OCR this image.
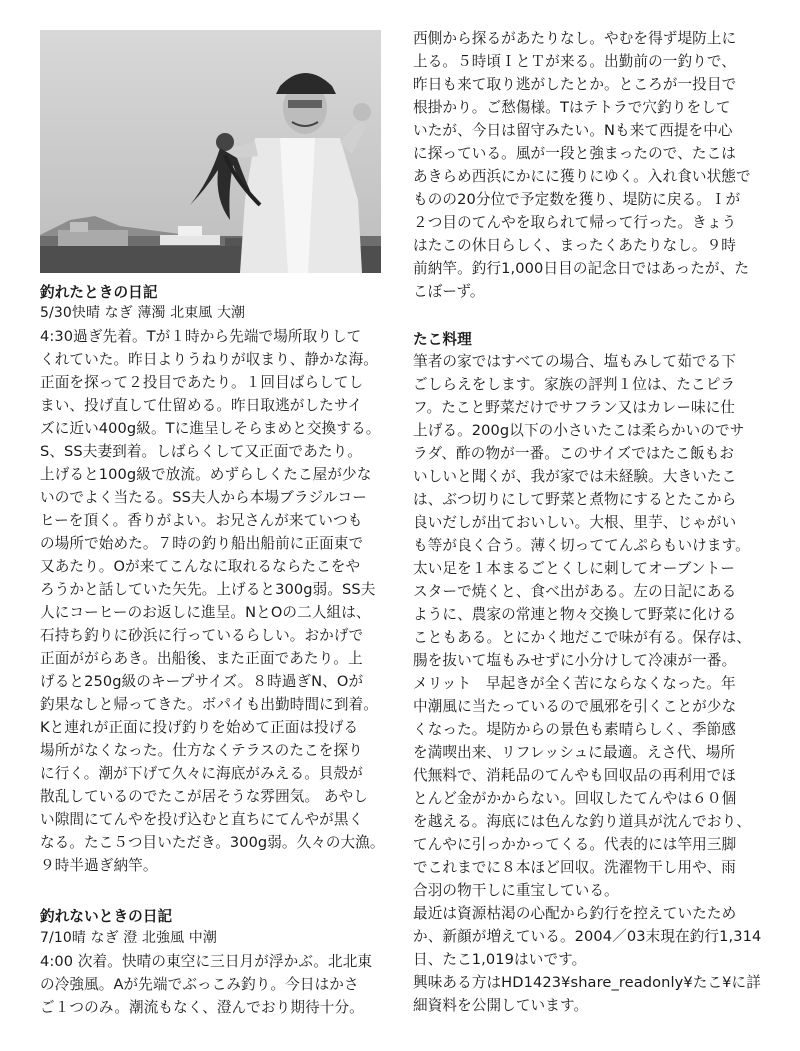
釣れたときの日記
5/30快晴 なぎ 薄濁 北東風 大潮
4:30過ぎ先着。Tが１時から先端で場所取りして
くれていた。昨日よりうねりが収まり、静かな海。
正面を探って２投目であたり。１回目ばらしてし
まい、投げ直して仕留める。昨日取逃がしたサイ
ズに近い400g級。Tに進呈しそらまめと交換する。
S、SS夫妻到着。しばらくして又正面であたり。
上げると100g級で放流。めずらしくたこ屋が少な
いのでよく当たる。SS夫人から本場ブラジルコー
ヒーを頂く。香りがよい。お兄さんが来ていつも
の場所で始めた。７時の釣り船出船前に正面東で
又あたり。Oが来てこんなに取れるならたこをや
ろうかと話していた矢先。上げると300g弱。SS夫
人にコーヒーのお返しに進呈。NとOの二人組は、
石持ち釣りに砂浜に行っているらしい。おかげで
正面ががらあき。出船後、また正面であたり。上
げると250g級のキープサイズ。８時過ぎN、Oが
釣果なしと帰ってきた。ボパイも出勤時間に到着。
Kと連れが正面に投げ釣りを始めて正面は投げる
場所がなくなった。仕方なくテラスのたこを探り
に行く。潮が下げて久々に海底がみえる。貝殻が
散乱しているのでたこが居そうな雰囲気。 あやし
い隙間にてんやを投げ込むと直ちにてんやが黒く
なる。たこ５つ目いただき。300g弱。久々の大漁。
９時半過ぎ納竿。
釣れないときの日記
7/10晴 なぎ 澄 北強風 中潮
4:00 次着。快晴の東空に三日月が浮かぶ。北北東
の冷強風。Aが先端でぶっこみ釣り。今日はかさ
ご１つのみ。潮流もなく、澄んでおり期待十分。
西側から探るがあたりなし。やむを得ず堤防上に
上る。５時頃ＩとＴが来る。出勤前の一釣りで、
昨日も来て取り逃がしたとか。ところが一投目で
根掛かり。ご愁傷様。Tはテトラで穴釣りをして
いたが、今日は留守みたい。Nも来て西提を中心
に探っている。風が一段と強まったので、たこは
あきらめ西浜にかにに獲りにゆく。入れ食い状態で
ものの20分位で予定数を獲り、堤防に戻る。Ｉが
２つ目のてんやを取られて帰って行った。きょう
はたこの休日らしく、まったくあたりなし。９時
前納竿。釣行1,000日目の記念日ではあったが、た
こぼーず。
たこ料理
筆者の家ではすべての場合、塩もみして茹でる下
ごしらえをします。家族の評判１位は、たこピラ
フ。たこと野菜だけでサフラン又はカレー味に仕
上げる。200g以下の小さいたこは柔らかいのでサ
ラダ、酢の物が一番。このサイズではたこ飯もお
いしいと聞くが、我が家では未経験。大きいたこ
は、ぶつ切りにして野菜と煮物にするとたこから
良いだしが出ておいしい。大根、里芋、じゃがい
も等が良く合う。薄く切っててんぷらもいけます。
太い足を１本まるごとくしに刺してオーブントー
スターで焼くと、食べ出がある。左の日記にある
ように、農家の常連と物々交換して野菜に化ける
こともある。とにかく地だこで味が有る。保存は、
腸を抜いて塩もみせずに小分けして冷凍が一番。
メリット　早起きが全く苦にならなくなった。年
中潮風に当たっているので風邪を引くことが少な
くなった。堤防からの景色も素晴らしく、季節感
を満喫出来、リフレッシュに最適。えさ代、場所
代無料で、消耗品のてんやも回収品の再利用でほ
とんど金がかからない。回収したてんやは６０個
を越える。海底には色んな釣り道具が沈んでおり、
てんやに引っかかってくる。代表的には竿用三脚
でこれまでに８本ほど回収。洗濯物干し用や、雨
合羽の物干しに重宝している。
最近は資源枯渇の心配から釣行を控えていたため
か、新顔が増えている。2004／03末現在釣行1,314
日、たこ1,019はいです。
興味ある方はHD1423¥share_readonly¥たこ¥に詳
細資料を公開しています。
